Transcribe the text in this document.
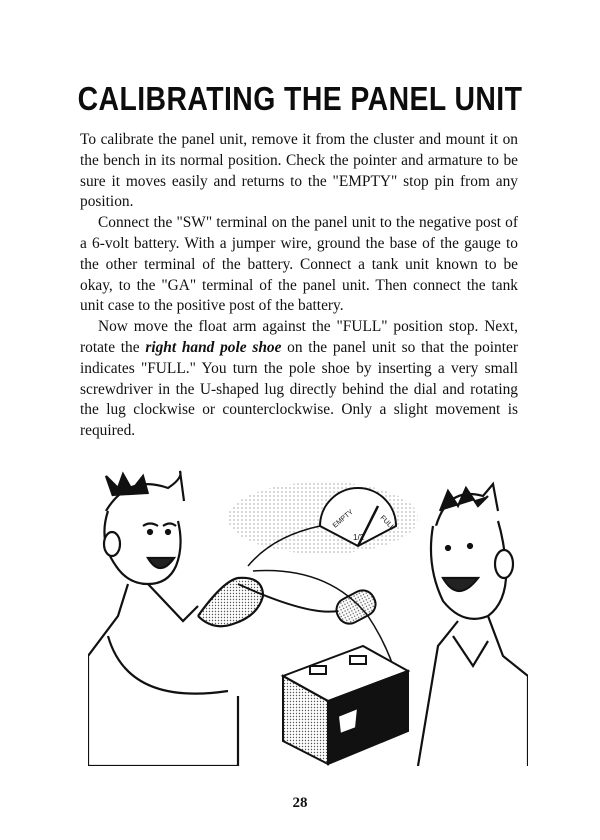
CALIBRATING THE PANEL UNIT

To calibrate the panel unit, remove it from the cluster and mount it on the bench in its normal position. Check the pointer and armature to be sure it moves easily and returns to the "EMPTY" stop pin from any position.

Connect the "SW" terminal on the panel unit to the negative post of a 6-volt battery. With a jumper wire, ground the base of the gauge to the other terminal of the battery. Connect a tank unit known to be okay, to the "GA" terminal of the panel unit. Then connect the tank unit case to the positive post of the battery.

Now move the float arm against the "FULL" position stop. Next, rotate the right hand pole shoe on the panel unit so that the pointer indicates "FULL." You turn the pole shoe by inserting a very small screwdriver in the U-shaped lug directly behind the dial and rotating the lug clockwise or counterclockwise. Only a slight movement is required.

EMPTY	FULL
1/2
28
